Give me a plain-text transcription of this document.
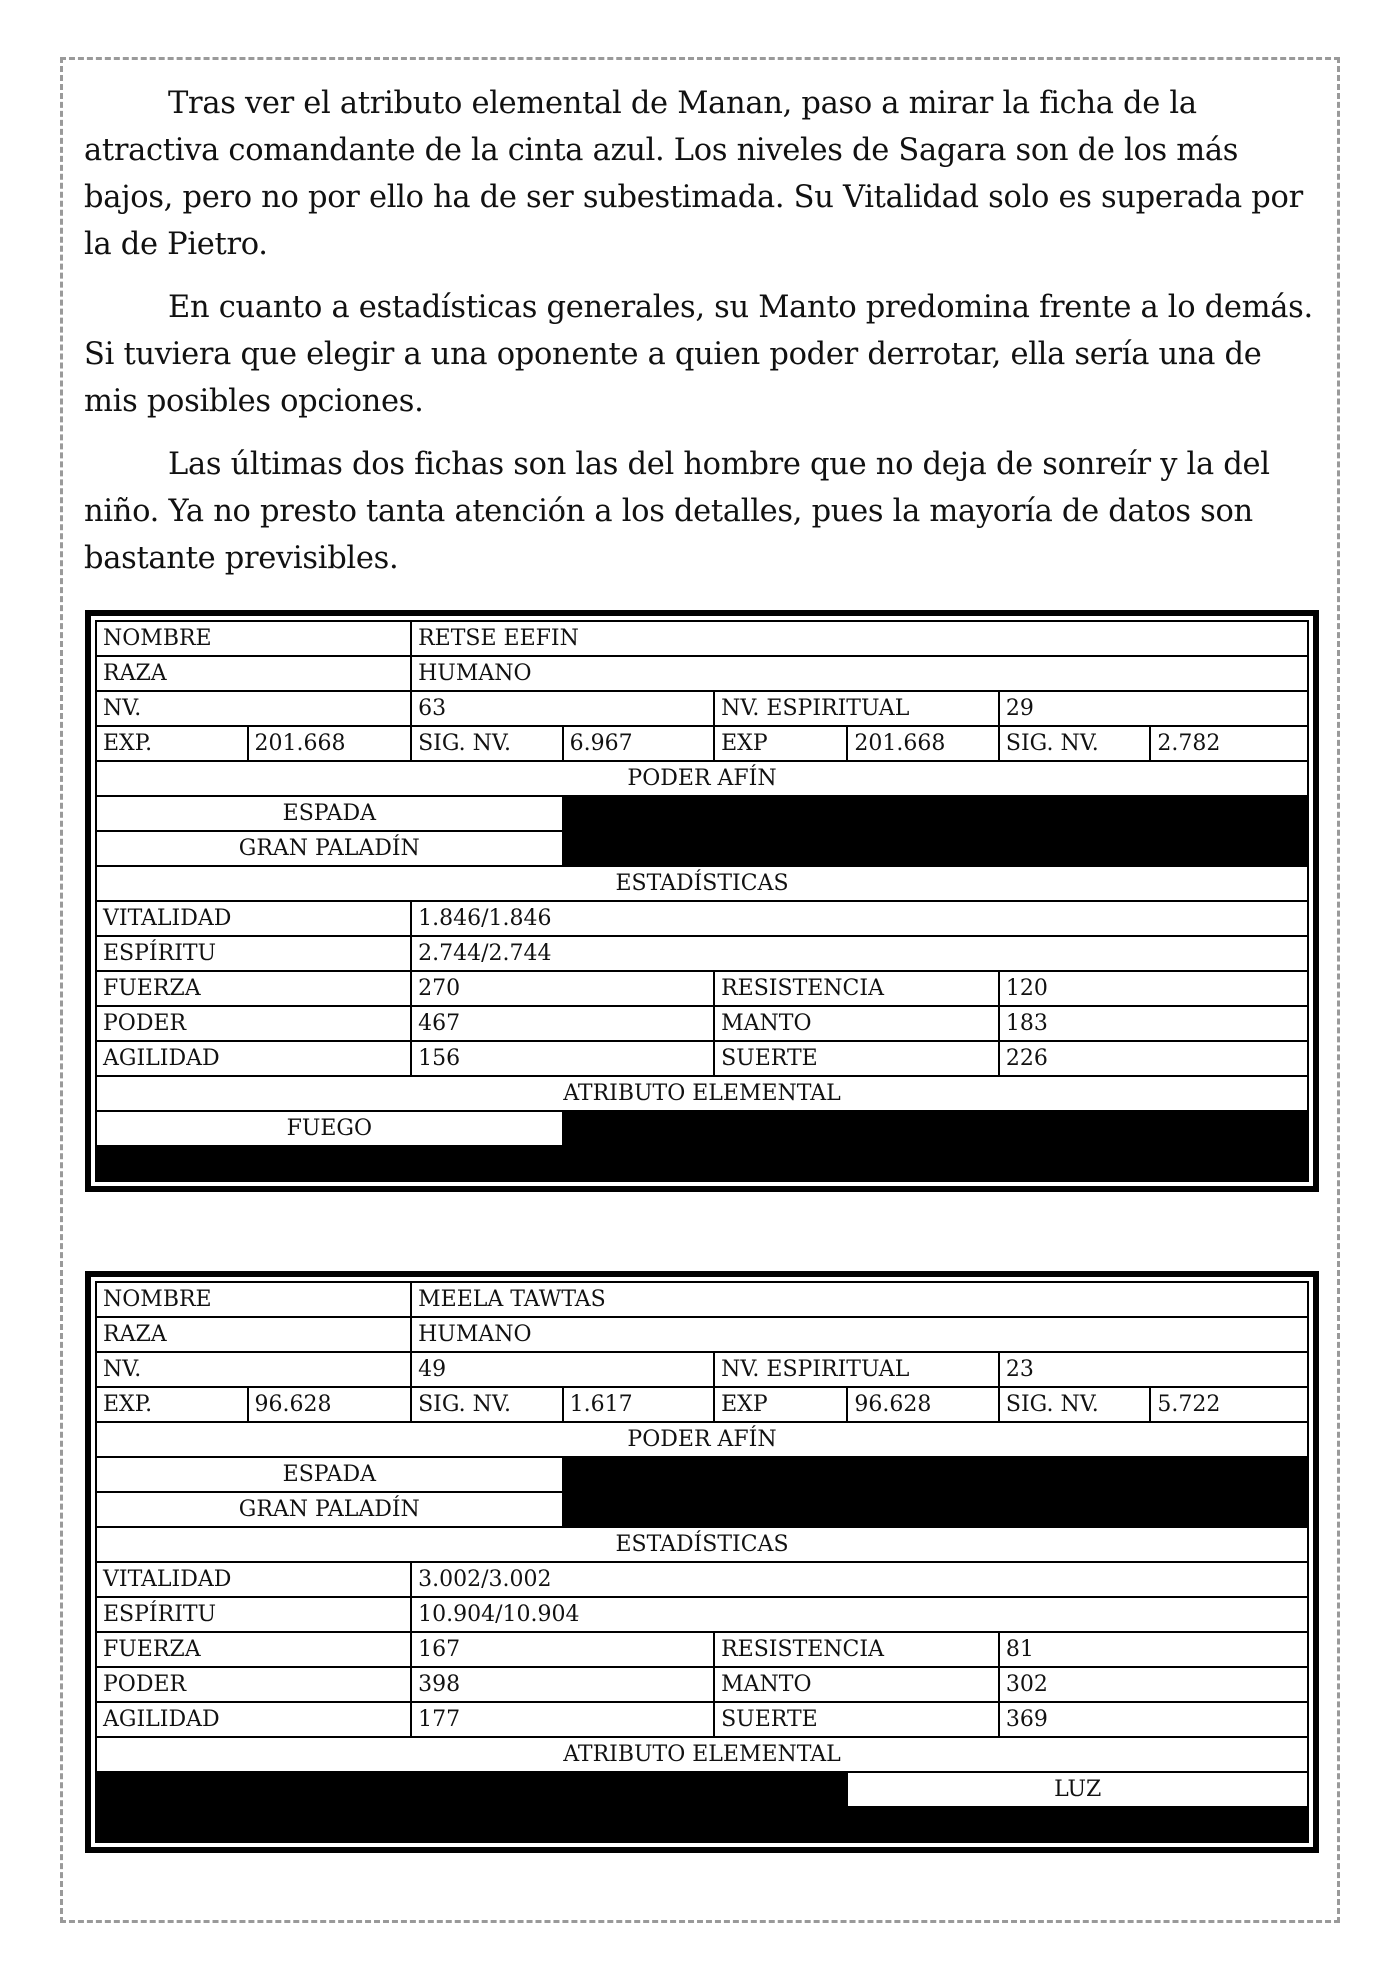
Tras ver el atributo elemental de Manan, paso a mirar la ficha de la atractiva comandante de la cinta azul. Los niveles de Sagara son de los más bajos, pero no por ello ha de ser subestimada. Su Vitalidad solo es superada por la de Pietro.

En cuanto a estadísticas generales, su Manto predomina frente a lo demás. Si tuviera que elegir a una oponente a quien poder derrotar, ella sería una de mis posibles opciones.

Las últimas dos fichas son las del hombre que no deja de sonreír y la del niño. Ya no presto tanta atención a los detalles, pues la mayoría de datos son bastante previsibles.

NOMBRE		RETSE EEFIN					
RAZA		HUMANO					
NV.		63		NV. ESPIRITUAL		29	
EXP.	201.668	SIG. NV.	6.967	EXP	201.668	SIG. NV.	2.782
PODER AFÍN							
ESPADA							
GRAN PALADÍN							
ESTADÍSTICAS							
VITALIDAD		1.846/1.846					
ESPÍRITU		2.744/2.744					
FUERZA		270		RESISTENCIA		120	
PODER		467		MANTO		183	
AGILIDAD		156		SUERTE		226	
ATRIBUTO ELEMENTAL							
FUEGO							

NOMBRE		MEELA TAWTAS					
RAZA		HUMANO					
NV.		49		NV. ESPIRITUAL		23	
EXP.	96.628	SIG. NV.	1.617	EXP	96.628	SIG. NV.	5.722
PODER AFÍN							
ESPADA							
GRAN PALADÍN							
ESTADÍSTICAS							
VITALIDAD		3.002/3.002					
ESPÍRITU		10.904/10.904					
FUERZA		167		RESISTENCIA		81	
PODER		398		MANTO		302	
AGILIDAD		177		SUERTE		369	
ATRIBUTO ELEMENTAL							
					LUZ		
